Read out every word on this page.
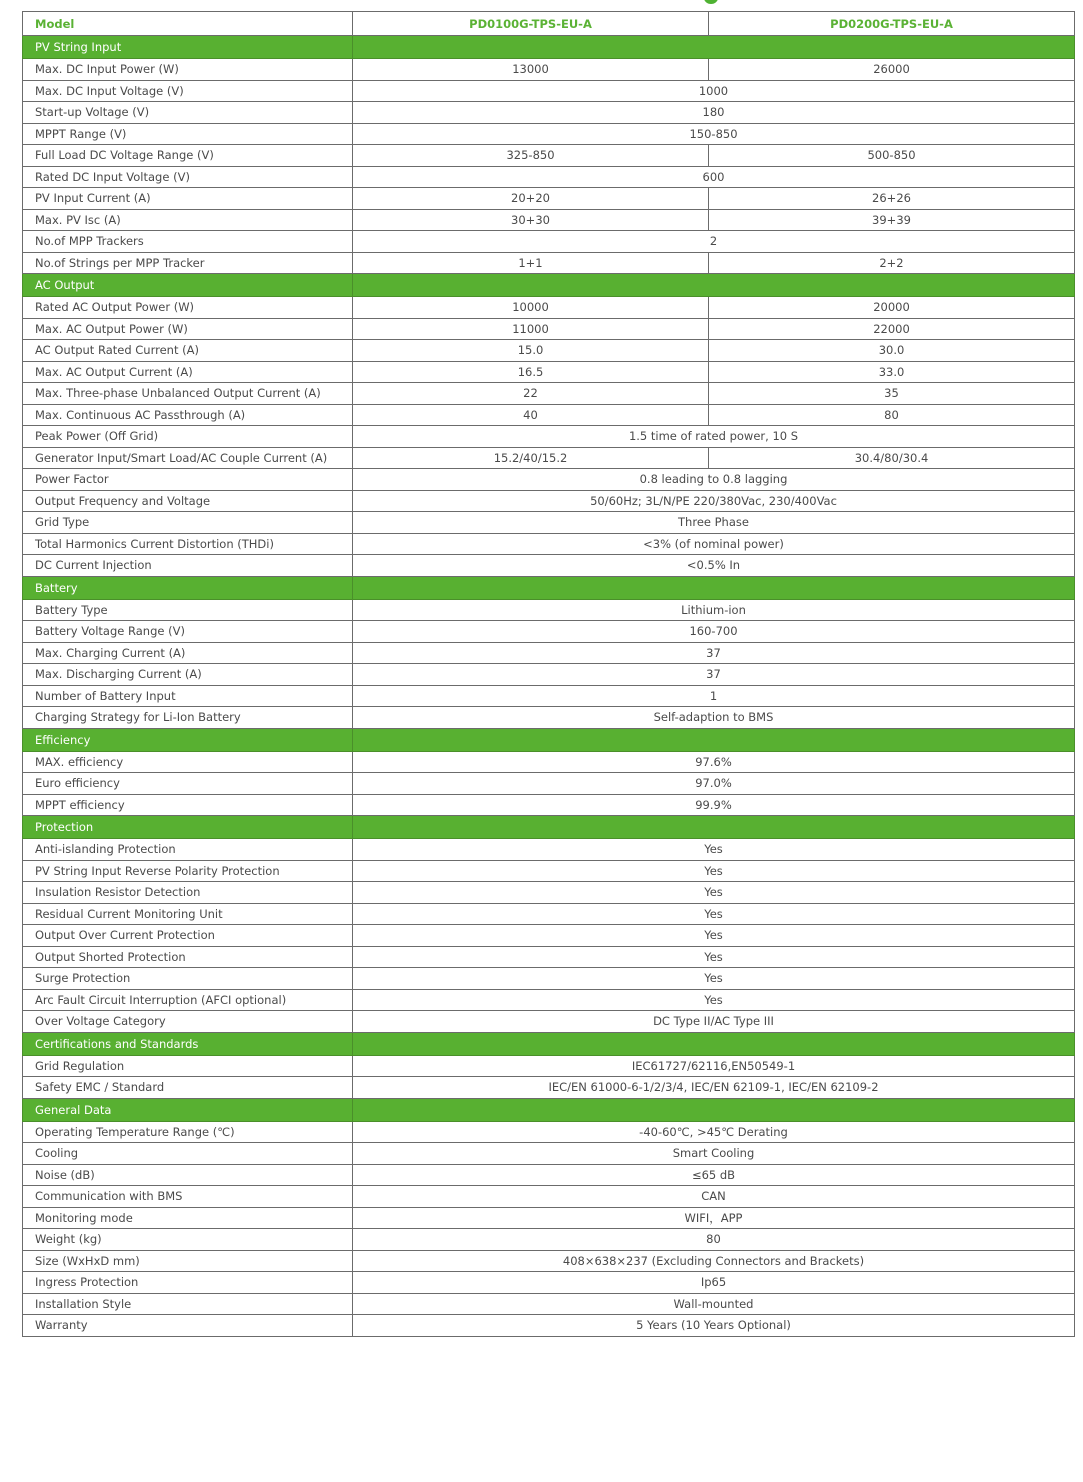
Model	PD0100G-TPS-EU-A	PD0200G-TPS-EU-A
PV String Input		
Max. DC Input Power (W)	13000	26000
Max. DC Input Voltage (V)	1000	
Start-up Voltage (V)	180	
MPPT Range (V)	150-850	
Full Load DC Voltage Range (V)	325-850	500-850
Rated DC Input Voltage (V)	600	
PV Input Current (A)	20+20	26+26
Max. PV Isc (A)	30+30	39+39
No.of MPP Trackers	2	
No.of Strings per MPP Tracker	1+1	2+2
AC Output		
Rated AC Output Power (W)	10000	20000
Max. AC Output Power (W)	11000	22000
AC Output Rated Current (A)	15.0	30.0
Max. AC Output Current (A)	16.5	33.0
Max. Three-phase Unbalanced Output Current (A)	22	35
Max. Continuous AC Passthrough (A)	40	80
Peak Power (Off Grid)	1.5 time of rated power, 10 S	
Generator Input/Smart Load/AC Couple Current (A)	15.2/40/15.2	30.4/80/30.4
Power Factor	0.8 leading to 0.8 lagging	
Output Frequency and Voltage	50/60Hz; 3L/N/PE 220/380Vac, 230/400Vac	
Grid Type	Three Phase	
Total Harmonics Current Distortion (THDi)	<3% (of nominal power)	
DC Current Injection	<0.5% In	
Battery		
Battery Type	Lithium-ion	
Battery Voltage Range (V)	160-700	
Max. Charging Current (A)	37	
Max. Discharging Current (A)	37	
Number of Battery Input	1	
Charging Strategy for Li-Ion Battery	Self-adaption to BMS	
Efficiency		
MAX. efficiency	97.6%	
Euro efficiency	97.0%	
MPPT efficiency	99.9%	
Protection		
Anti-islanding Protection	Yes	
PV String Input Reverse Polarity Protection	Yes	
Insulation Resistor Detection	Yes	
Residual Current Monitoring Unit	Yes	
Output Over Current Protection	Yes	
Output Shorted Protection	Yes	
Surge Protection	Yes	
Arc Fault Circuit Interruption (AFCI optional)	Yes	
Over Voltage Category	DC Type II/AC Type III	
Certifications and Standards		
Grid Regulation	IEC61727/62116,EN50549-1	
Safety EMC / Standard	IEC/EN 61000-6-1/2/3/4, IEC/EN 62109-1, IEC/EN 62109-2	
General Data		
Operating Temperature Range (℃)	-40-60℃, >45℃ Derating	
Cooling	Smart Cooling	
Noise (dB)	≤65 dB	
Communication with BMS	CAN	
Monitoring mode	WIFI，APP	
Weight (kg)	80	
Size (WxHxD mm)	408×638×237 (Excluding Connectors and Brackets)	
Ingress Protection	Ip65	
Installation Style	Wall-mounted	
Warranty	5 Years (10 Years Optional)	
